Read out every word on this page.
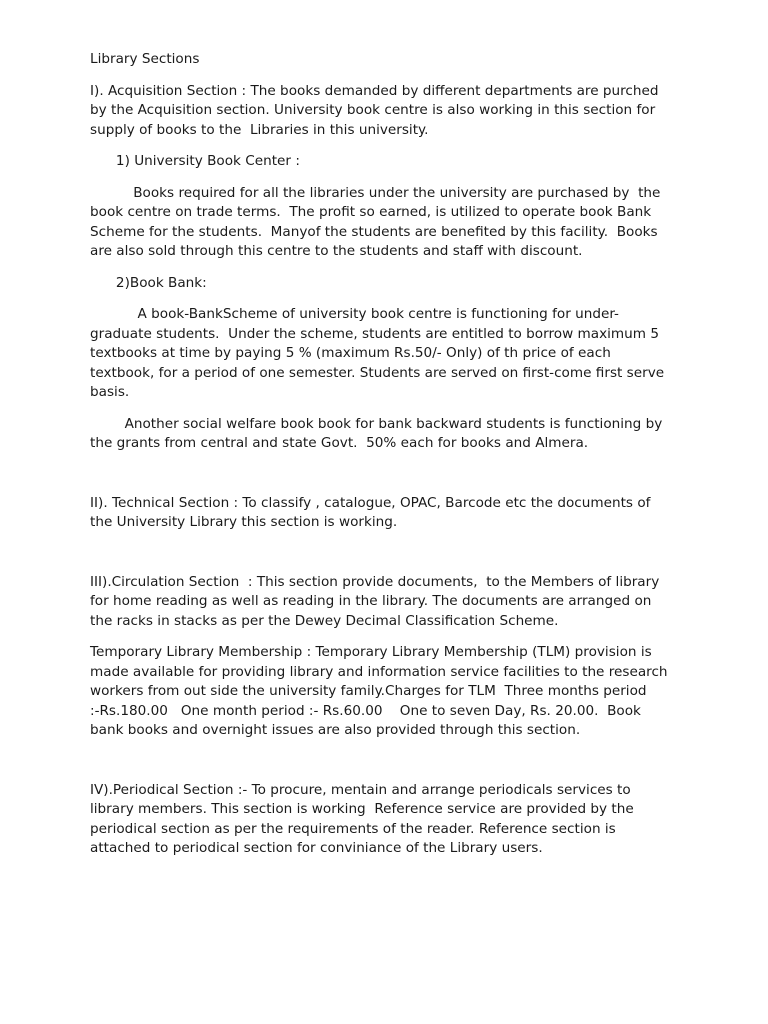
Library Sections
I). Acquisition Section : The books demanded by different departments are purched
by the Acquisition section. University book centre is also working in this section for
supply of books to the  Libraries in this university.
1) University Book Center :
Books required for all the libraries under the university are purchased by  the
book centre on trade terms.  The profit so earned, is utilized to operate book Bank
Scheme for the students.  Manyof the students are benefited by this facility.  Books
are also sold through this centre to the students and staff with discount.
2)Book Bank:
A book-BankScheme of university book centre is functioning for under-
graduate students.  Under the scheme, students are entitled to borrow maximum 5
textbooks at time by paying 5 % (maximum Rs.50/- Only) of th price of each
textbook, for a period of one semester. Students are served on first-come first serve
basis.
Another social welfare book book for bank backward students is functioning by
the grants from central and state Govt.  50% each for books and Almera.
II). Technical Section : To classify , catalogue, OPAC, Barcode etc the documents of
the University Library this section is working.
III).Circulation Section  : This section provide documents,  to the Members of library
for home reading as well as reading in the library. The documents are arranged on
the racks in stacks as per the Dewey Decimal Classification Scheme.
Temporary Library Membership : Temporary Library Membership (TLM) provision is
made available for providing library and information service facilities to the research
workers from out side the university family.Charges for TLM  Three months period
:-Rs.180.00   One month period :- Rs.60.00    One to seven Day, Rs. 20.00.  Book
bank books and overnight issues are also provided through this section.
IV).Periodical Section :- To procure, mentain and arrange periodicals services to
library members. This section is working  Reference service are provided by the
periodical section as per the requirements of the reader. Reference section is
attached to periodical section for conviniance of the Library users.
